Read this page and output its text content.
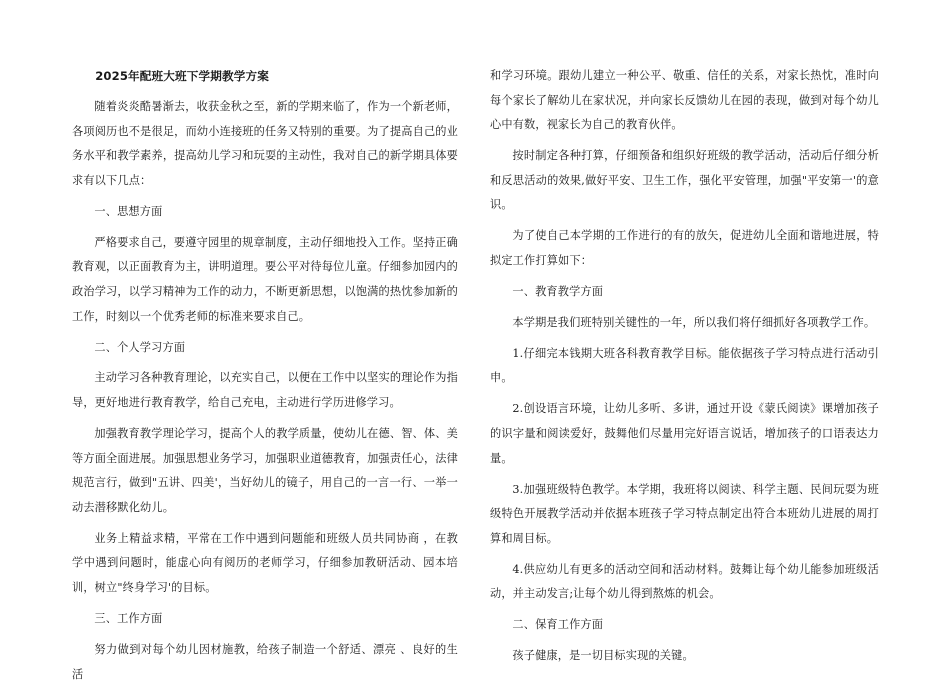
2025年配班大班下学期教学方案

随着炎炎酷暑渐去，收获金秋之至，新的学期来临了，作为一个新老师，各项阅历也不是很足，而幼小连接班的任务又特别的重要。为了提高自己的业务水平和教学素养，提高幼儿学习和玩耍的主动性，我对自己的新学期具体要求有以下几点：

一、思想方面

严格要求自己，要遵守园里的规章制度，主动仔细地投入工作。坚持正确教育观，以正面教育为主，讲明道理。要公平对待每位儿童。仔细参加园内的政治学习，以学习精神为工作的动力，不断更新思想，以饱满的热忱参加新的工作，时刻以一个优秀老师的标准来要求自己。

二、个人学习方面

主动学习各种教育理论，以充实自己，以便在工作中以坚实的理论作为指导，更好地进行教育教学，给自己充电，主动进行学历进修学习。

加强教育教学理论学习，提高个人的教学质量，使幼儿在德、智、体、美等方面全面进展。加强思想业务学习，加强职业道德教育，加强责任心，法律规范言行，做到"五讲、四美'，当好幼儿的镜子，用自己的一言一行、一举一动去潜移默化幼儿。

业务上精益求精，平常在工作中遇到问题能和班级人员共同协商 ，在教学中遇到问题时，能虚心向有阅历的老师学习，仔细参加教研活动、园本培训，树立"终身学习'的目标。

三、工作方面

努力做到对每个幼儿因材施教，给孩子制造一个舒适、漂亮 、良好的生活

和学习环境。跟幼儿建立一种公平、敬重、信任的关系，对家长热忱，准时向每个家长了解幼儿在家状况，并向家长反馈幼儿在园的表现，做到对每个幼儿心中有数，视家长为自己的教育伙伴。

按时制定各种打算，仔细预备和组织好班级的教学活动，活动后仔细分析和反思活动的效果,做好平安、卫生工作，强化平安管理，加强"平安第一'的意识。

为了使自己本学期的工作进行的有的放矢，促进幼儿全面和谐地进展，特拟定工作打算如下：

一、教育教学方面

本学期是我们班特别关键性的一年，所以我们将仔细抓好各项教学工作。

1.仔细完本钱期大班各科教育教学目标。能依据孩子学习特点进行活动引申。

2.创设语言环境，让幼儿多听、多讲，通过开设《蒙氏阅读》课增加孩子的识字量和阅读爱好，鼓舞他们尽量用完好语言说话，增加孩子的口语表达力量。

3.加强班级特色教学。本学期，我班将以阅读、科学主题、民间玩耍为班级特色开展教学活动并依据本班孩子学习特点制定出符合本班幼儿进展的周打算和周目标。

4.供应幼儿有更多的活动空间和活动材料。鼓舞让每个幼儿能参加班级活动，并主动发言;让每个幼儿得到熬炼的机会。

二、保育工作方面

孩子健康，是一切目标实现的关键。
